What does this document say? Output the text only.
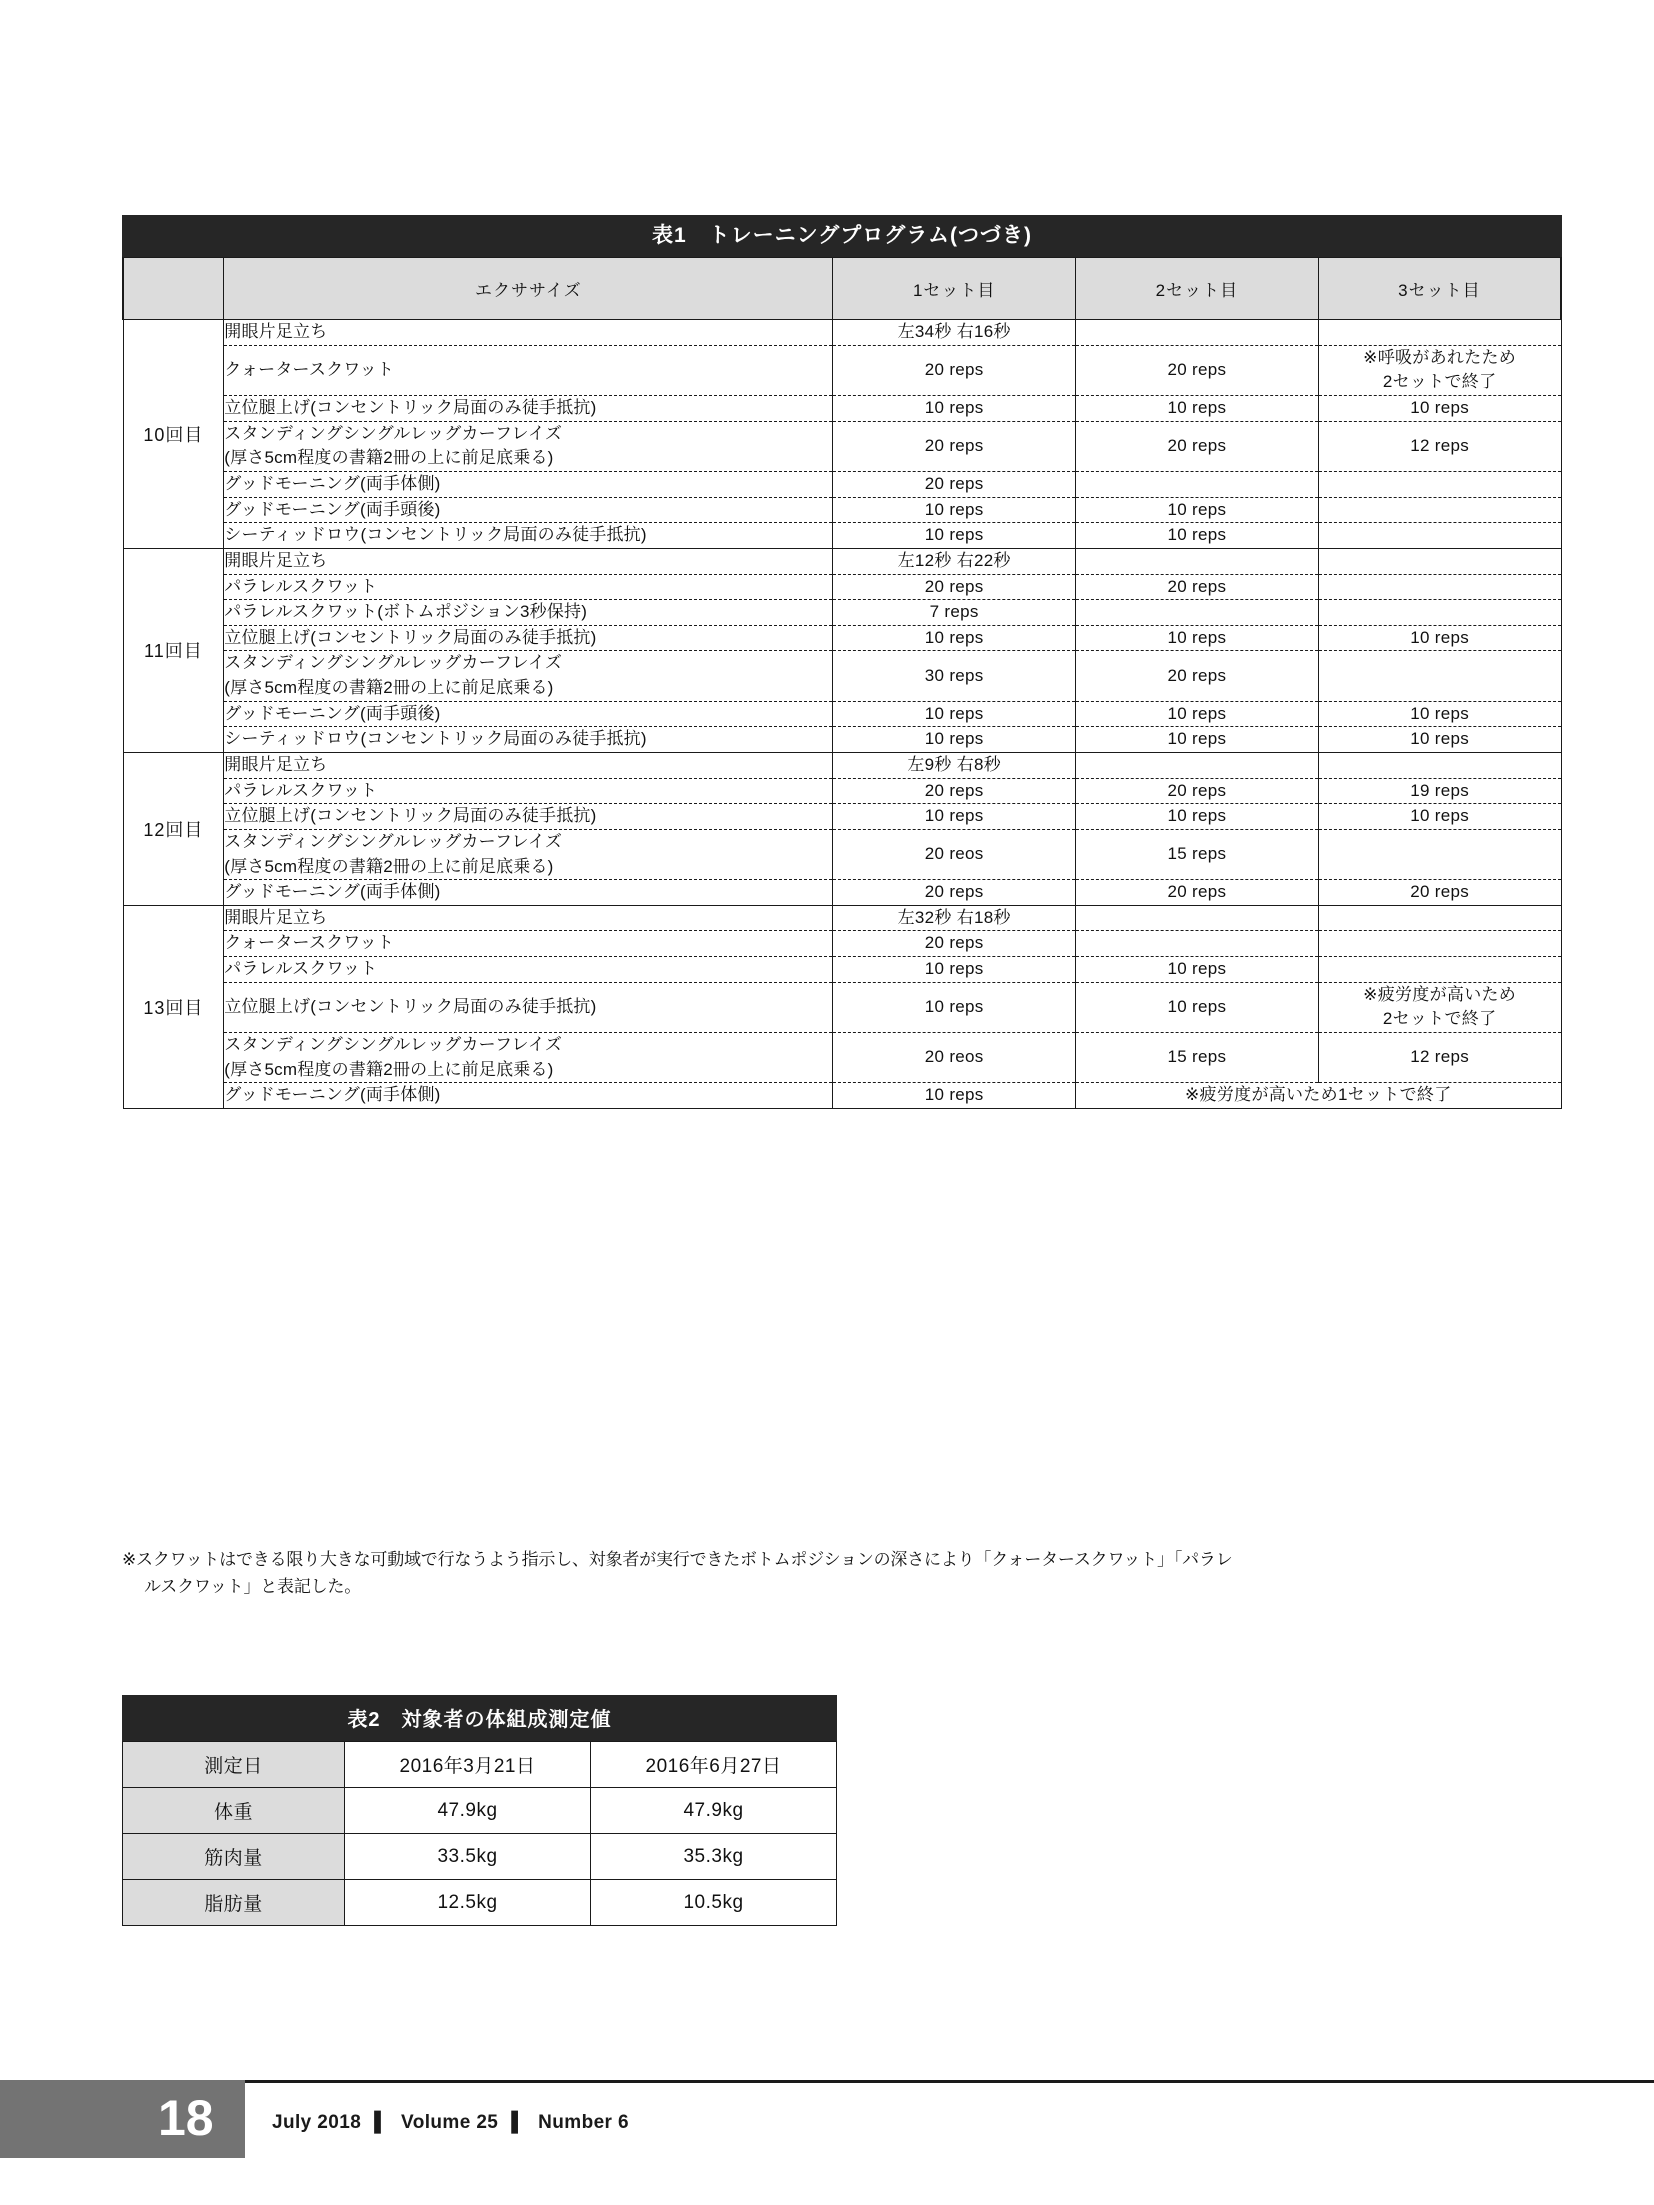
表1　トレーニングプログラム(つづき)
	エクササイズ	1セット目	2セット目	3セット目
10回目	開眼片足立ち	左34秒 右16秒		
	クォータースクワット	20 reps	20 reps	※呼吸があれたため
2セットで終了

	立位腿上げ(コンセントリック局面のみ徒手抵抗)	10 reps	10 reps	10 reps
	スタンディングシングルレッグカーフレイズ
(厚さ5cm程度の書籍2冊の上に前足底乗る)	20 reps	20 reps	12 reps
	グッドモーニング(両手体側)	20 reps		
	グッドモーニング(両手頭後)	10 reps	10 reps	
	シーティッドロウ(コンセントリック局面のみ徒手抵抗)	10 reps	10 reps	
11回目	開眼片足立ち	左12秒 右22秒		
	パラレルスクワット	20 reps	20 reps	
	パラレルスクワット(ボトムポジション3秒保持)	7 reps		
	立位腿上げ(コンセントリック局面のみ徒手抵抗)	10 reps	10 reps	10 reps
	スタンディングシングルレッグカーフレイズ
(厚さ5cm程度の書籍2冊の上に前足底乗る)	30 reps	20 reps	
	グッドモーニング(両手頭後)	10 reps	10 reps	10 reps
	シーティッドロウ(コンセントリック局面のみ徒手抵抗)	10 reps	10 reps	10 reps
12回目	開眼片足立ち	左9秒 右8秒		
	パラレルスクワット	20 reps	20 reps	19 reps
	立位腿上げ(コンセントリック局面のみ徒手抵抗)	10 reps	10 reps	10 reps
	スタンディングシングルレッグカーフレイズ
(厚さ5cm程度の書籍2冊の上に前足底乗る)	20 reos	15 reps	
	グッドモーニング(両手体側)	20 reps	20 reps	20 reps
13回目	開眼片足立ち	左32秒 右18秒		
	クォータースクワット	20 reps		
	パラレルスクワット	10 reps	10 reps	
	立位腿上げ(コンセントリック局面のみ徒手抵抗)	10 reps	10 reps	※疲労度が高いため
2セットで終了

	スタンディングシングルレッグカーフレイズ
(厚さ5cm程度の書籍2冊の上に前足底乗る)	20 reos	15 reps	12 reps
	グッドモーニング(両手体側)	10 reps	※疲労度が高いため1セットで終了	
※スクワットはできる限り大きな可動域で行なうよう指示し、対象者が実行できたボトムポジションの深さにより「クォータースクワット」「パラレ
ルスクワット」と表記した。
表2　対象者の体組成測定値
測定日	2016年3月21日	2016年6月27日
体重	47.9kg	47.9kg
筋肉量	33.5kg	35.3kg
脂肪量	12.5kg	10.5kg
18	July 2018 ▌ Volume 25 ▌ Number 6
